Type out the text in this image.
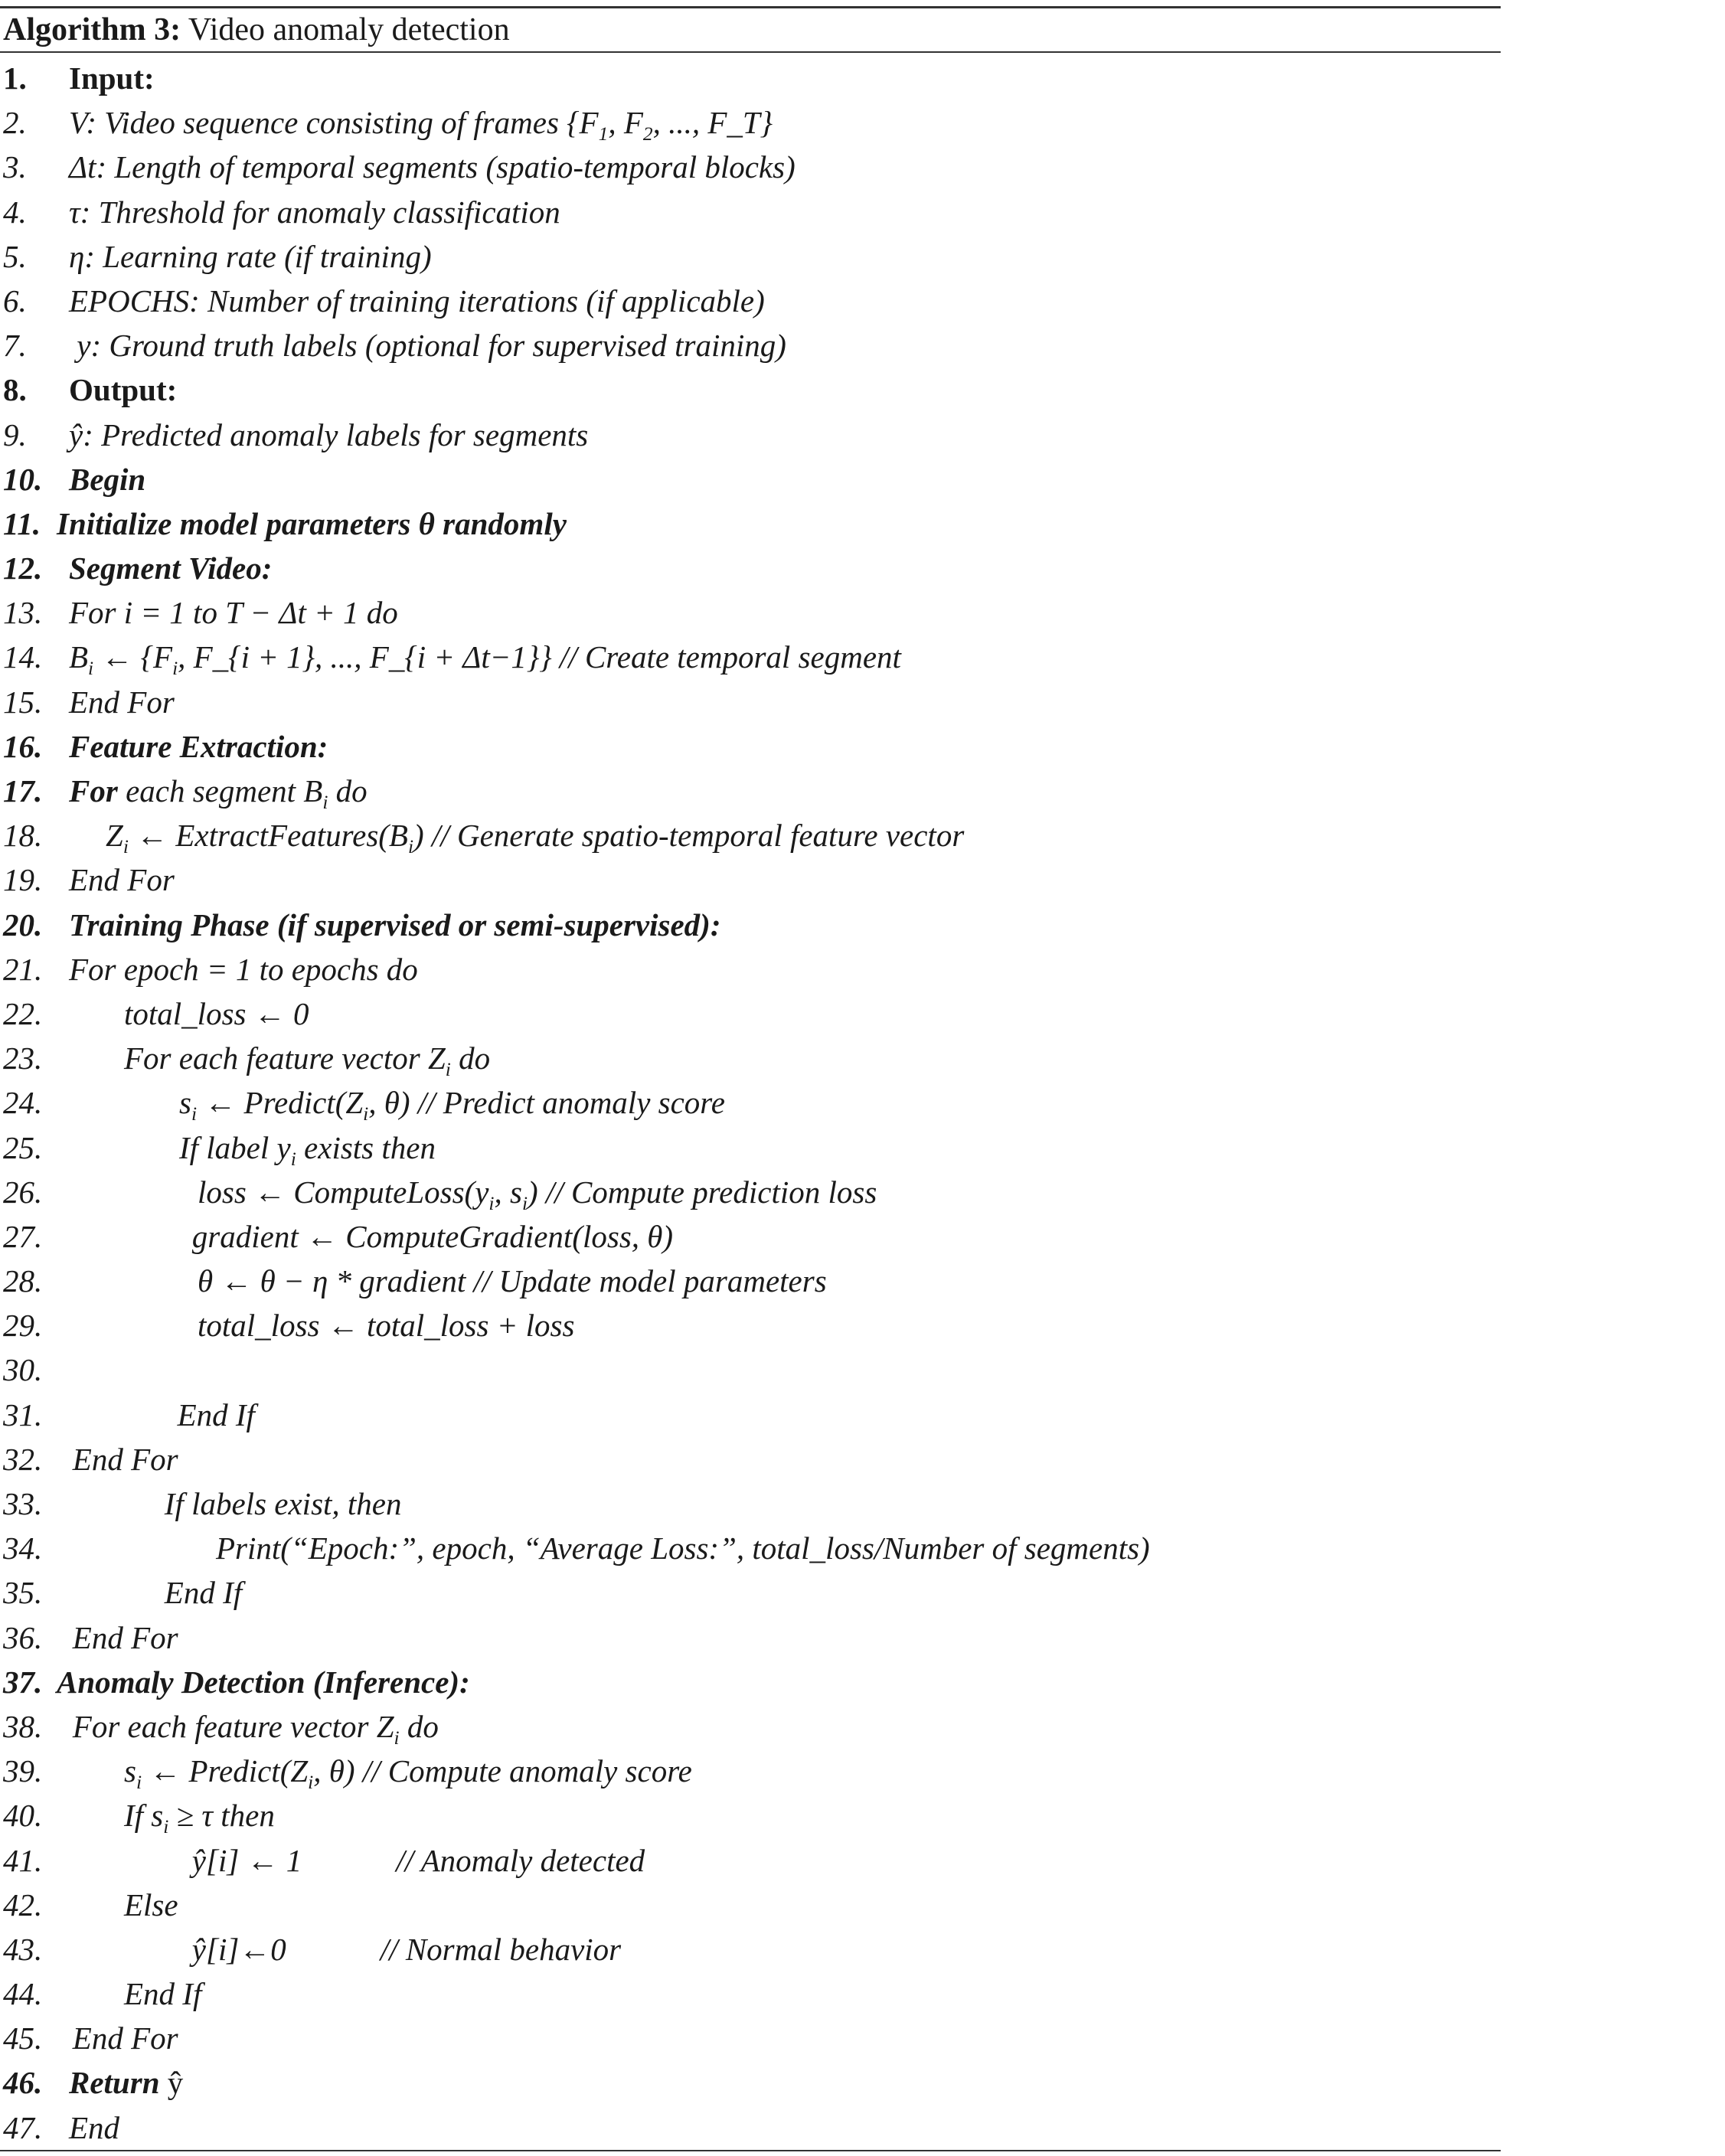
Algorithm 3: Video anomaly detection
1. Input:
2. V: Video sequence consisting of frames {$F_1$, $F_2$, ..., F_T}
3. Δt: Length of temporal segments (spatio-temporal blocks)
4. τ: Threshold for anomaly classification
5. η: Learning rate (if training)
6. EPOCHS: Number of training iterations (if applicable)
7. y: Ground truth labels (optional for supervised training)
8. Output:
9. ŷ: Predicted anomaly labels for segments
10. Begin
11. Initialize model parameters θ randomly
12. Segment Video:
13. For i = 1 to T − Δt + 1 do
14. $B_i$ ← {$F_i$, F_{i + 1}, ..., F_{i + Δt−1}} // Create temporal segment
15. End For
16. Feature Extraction:
17. For each segment $B_i$ do
18. $Z_i$ ← $ExtractFeatures(B_i)$ // Generate spatio-temporal feature vector
19. End For
20. Training Phase (if supervised or semi-supervised):
21. For epoch = 1 to epochs do
22.	total_loss ← 0
23.	For each feature vector $Z_i$ do
24.	$s_i$ ← $Predict(Z_i$, θ) // Predict anomaly score
25.	If label $y_i$ exists then
26.	loss ← $ComputeLoss(y_i$, $s_i$) // Compute prediction loss
27.	gradient ← ComputeGradient(loss, θ)
28.	θ ← θ − η * gradient // Update model parameters
29.	total_loss ← total_loss + loss
30.
31.	End If
32. End For
33.	If labels exist, then
34.	Print(“Epoch:”, epoch, “Average Loss:”, total_loss/Number of segments)
35.	End If
36. End For
37. Anomaly Detection (Inference):
38. For each feature vector $Z_i$ do
39.	$s_i$ ← $Predict(Z_i$, θ) // Compute anomaly score
40.	If $s_i \ge \tau$ then
41.	ŷ[i] ← 1            // Anomaly detected
42.	Else
43.	ŷ[i]←0            // Normal behavior
44.	End If
45. End For
46. Return ŷ
47. End
